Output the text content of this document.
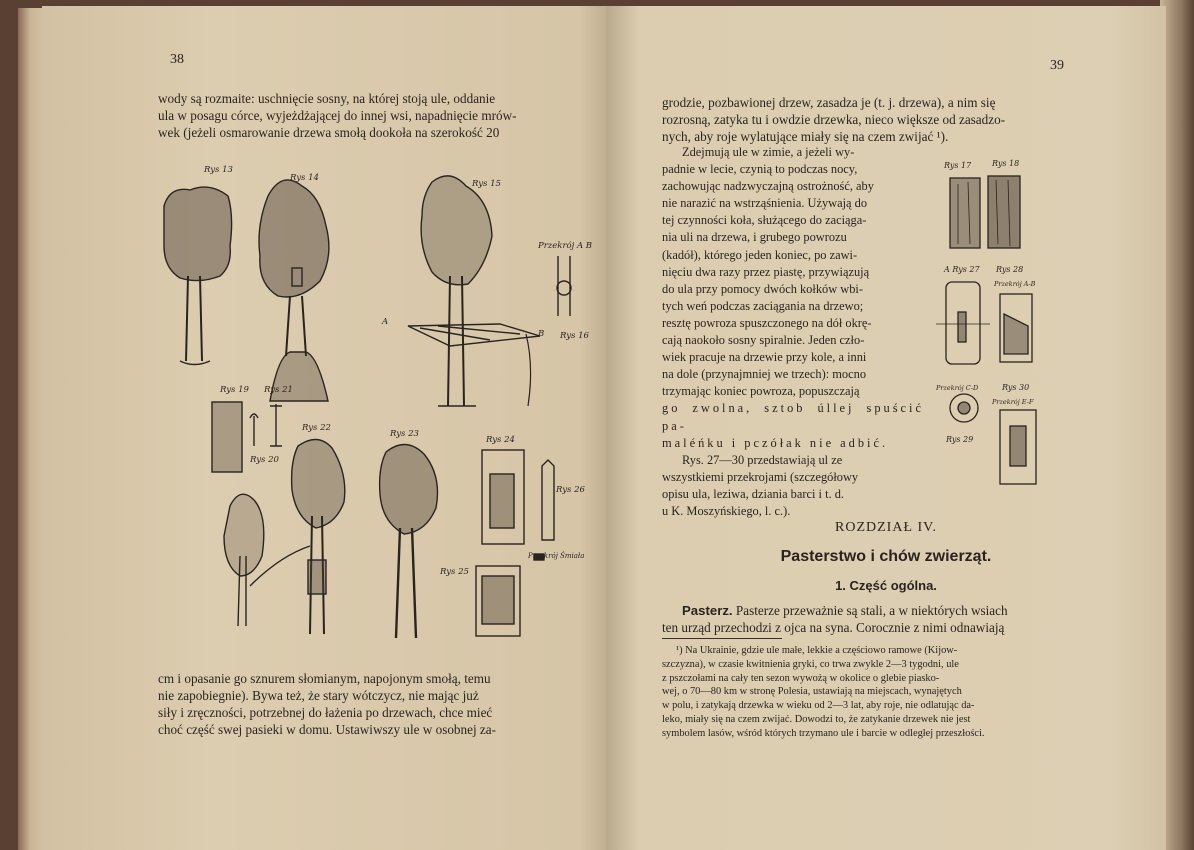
38

wody są rozmaite: uschnięcie sosny, na której stoją ule, oddanie

ula w posagu córce, wyjeżdżającej do innej wsi, napadnięcie mrów-

wek (jeżeli osmarowanie drzewa smołą dookoła na szerokość 20

Rys 13
Rys 14
Rys 15
Przekrój A B
Rys 16
A
B
Rys 19 Rys 21
Rys 20
Rys 22
Rys 23
Rys 24
Rys 26
Rys 25
Przekrój Śmiała

cm i opasanie go sznurem słomianym, napojonym smołą, temu

nie zapobiegnie). Bywa też, że stary wótczycz, nie mając już

siły i zręczności, potrzebnej do łażenia po drzewach, chce mieć

choć część swej pasieki w domu. Ustawiwszy ule w osobnej za-

39

grodzie, pozbawionej drzew, zasadza je (t. j. drzewa), a nim się

rozrosną, zatyka tu i owdzie drzewka, nieco większe od zasadzo-

nych, aby roje wylatujące miały się na czem zwijać ¹).

Zdejmują ule w zimie, a jeżeli wy-

padnie w lecie, czynią to podczas nocy,

zachowując nadzwyczajną ostrożność, aby

nie narazić na wstrząśnienia. Używają do

tej czynności koła, służącego do zaciąga-

nia uli na drzewa, i grubego powrozu

(kadół), którego jeden koniec, po zawi-

nięciu dwa razy przez piastę, przywiązują

do ula przy pomocy dwóch kołków wbi-

tych weń podczas zaciągania na drzewo;

resztę powroza spuszczonego na dół okrę-

cają naokoło sosny spiralnie. Jeden czło-

wiek pracuje na drzewie przy kole, a inni

na dole (przynajmniej we trzech): mocno

trzymając koniec powroza, popuszczają

go zwolna, sztob úllej spuścić pa-

maléńku i pczółak nie adbić.

Rys. 27—30 przedstawiają ul ze

wszystkiemi przekrojami (szczegółowy

opisu ula, leziwa, dziania barci i t. d.

u K. Moszyńskiego, l. c.).

Rys 17	Rys 18
A Rys 27 Rys 28
Przekrój A-B
Przekrój C-D	Rys 30
Przekrój E-F
Rys 29
ROZDZIAŁ IV.
Pasterstwo i chów zwierząt.
1. Część ogólna.

Pasterz. Pasterze przeważnie są stali, a w niektórych wsiach

ten urząd przechodzi z ojca na syna. Corocznie z nimi odnawiają

¹) Na Ukrainie, gdzie ule małe, lekkie a częściowo ramowe (Kijow-

szczyzna), w czasie kwitnienia gryki, co trwa zwykle 2—3 tygodni, ule

z pszczołami na cały ten sezon wywożą w okolice o glebie piasko-

wej, o 70—80 km w stronę Polesia, ustawiają na miejscach, wynajętych

w polu, i zatykają drzewka w wieku od 2—3 lat, aby roje, nie odlatując da-

leko, miały się na czem zwijać. Dowodzi to, że zatykanie drzewek nie jest

symbolem lasów, wśród których trzymano ule i barcie w odległej przeszłości.
